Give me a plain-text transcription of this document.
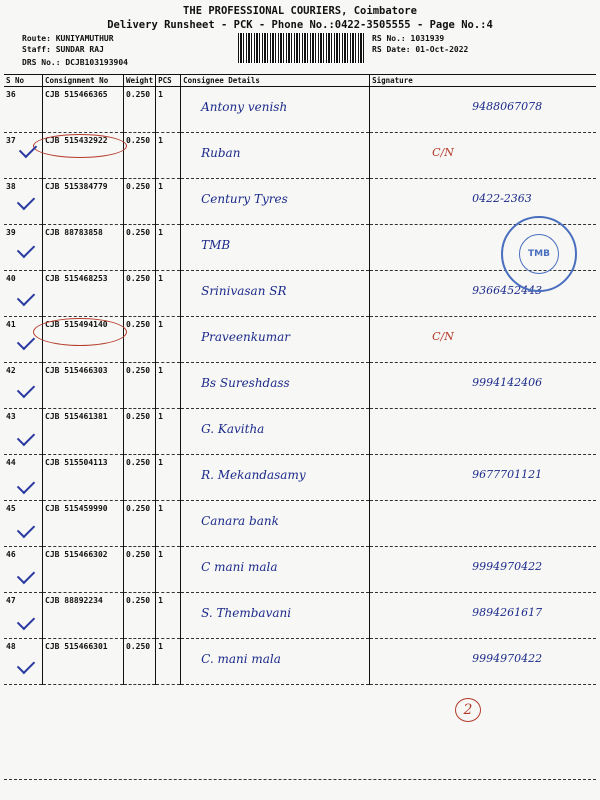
THE PROFESSIONAL COURIERS, Coimbatore
Delivery Runsheet - PCK - Phone No.:0422-3505555 - Page No.:4
Route: KUNIYAMUTHUR
Staff: SUNDAR RAJ
DRS No.: DCJB103193904
RS No.: 1031939
RS Date: 01-Oct-2022
S No	Consignment No	Weight	PCS	Consignee Details	Signature
36	CJB 515466365	0.250	1	Antony venish	9488067078

37	CJB 515432922	0.250	1	Ruban	C/N

38	CJB 515384779	0.250	1	Century Tyres	0422-2363

39	CJB 88783858	0.250	1	TMB	

40	CJB 515468253	0.250	1	Srinivasan SR	9366452443

41	CJB 515494140	0.250	1	Praveenkumar	C/N

42	CJB 515466303	0.250	1	Bs Sureshdass	9994142406

43	CJB 515461381	0.250	1	G. Kavitha	

44	CJB 515504113	0.250	1	R. Mekandasamy	9677701121

45	CJB 515459990	0.250	1	Canara bank	

46	CJB 515466302	0.250	1	C mani mala	9994970422

47	CJB 88892234	0.250	1	S. Thembavani	9894261617

48	CJB 515466301	0.250	1	C. mani mala	9994970422
TMB
2
